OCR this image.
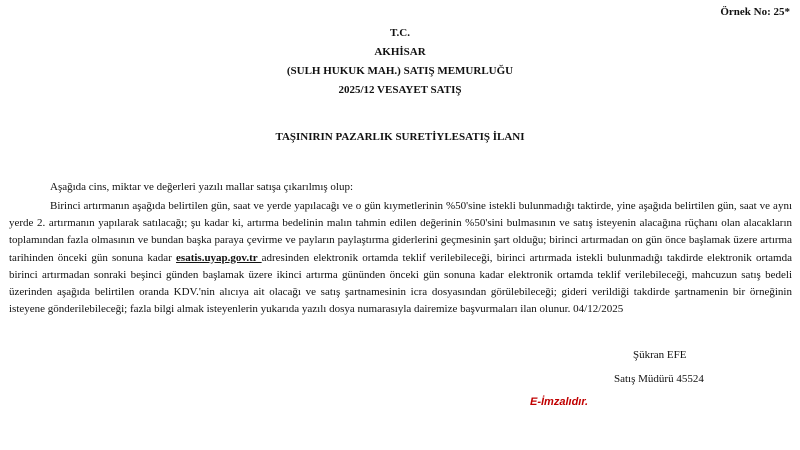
Örnek No: 25*
T.C.
AKHİSAR
(SULH HUKUK MAH.) SATIŞ MEMURLUĞU
2025/12 VESAYET SATIŞ
TAŞINIRIN PAZARLIK SURETİYLESATIŞ İLANI
Aşağıda cins, miktar ve değerleri yazılı mallar satışa çıkarılmış olup:

Birinci artırmanın aşağıda belirtilen gün, saat ve yerde yapılacağı ve o gün kıymetlerinin %50'sine istekli bulunmadığı taktirde, yine aşağıda belirtilen gün, saat ve aynı yerde 2. artırmanın yapılarak satılacağı; şu kadar ki, artırma bedelinin malın tahmin edilen değerinin %50'sini bulmasının ve satış isteyenin alacağına rüçhanı olan alacakların toplamından fazla olmasının ve bundan başka paraya çevirme ve payların paylaştırma giderlerini geçmesinin şart olduğu; birinci artırmadan on gün önce başlamak üzere artırma tarihinden önceki gün sonuna kadar esatis.uyap.gov.tr adresinden elektronik ortamda teklif verilebileceği, birinci artırmada istekli bulunmadığı takdirde elektronik ortamda birinci artırmadan sonraki beşinci günden başlamak üzere ikinci artırma gününden önceki gün sonuna kadar elektronik ortamda teklif verilebileceği, mahcuzun satış bedeli üzerinden aşağıda belirtilen oranda KDV.'nin alıcıya ait olacağı ve satış şartnamesinin icra dosyasından görülebileceği; gideri verildiği takdirde şartnamenin bir örneğinin isteyene gönderilebileceği; fazla bilgi almak isteyenlerin yukarıda yazılı dosya numarasıyla dairemize başvurmaları ilan olunur. 04/12/2025

Şükran EFE
Satış Müdürü 45524
E-İmzalıdır.
